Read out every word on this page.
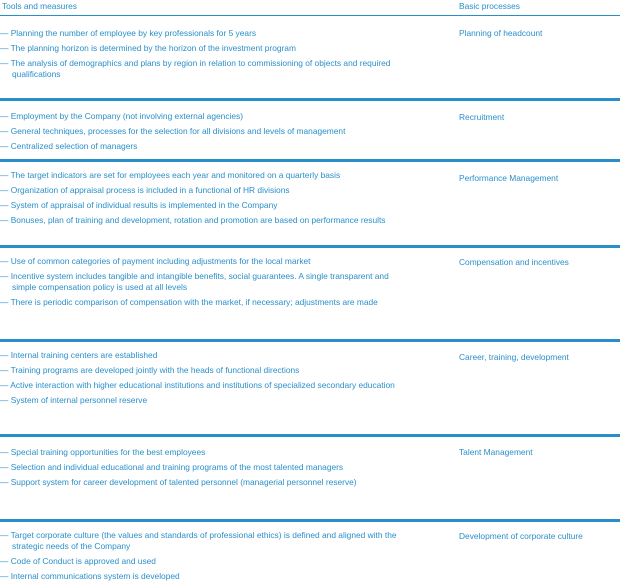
Tools and measures	Basic processes
— Planning the number of employee by key professionals for 5 years
— The planning horizon is determined by the horizon of the investment program
— The analysis of demographics and plans by region in relation to commissioning of objects and required qualifications
Planning of headcount
— Employment by the Company (not involving external agencies)
— General techniques, processes for the selection for all divisions and levels of management
— Centralized selection of managers
Recruitment
— The target indicators are set for employees each year and monitored on a quarterly basis
— Organization of appraisal process is included in a functional of HR divisions
— System of appraisal of individual results is implemented in the Company
— Bonuses, plan of training and development, rotation and promotion are based on performance results
Performance Management
— Use of common categories of payment including adjustments for the local market
— Incentive system includes tangible and intangible benefits, social guarantees. A single transparent and simple compensation policy is used at all levels
— There is periodic comparison of compensation with the market, if necessary; adjustments are made
Compensation and incentives
— Internal training centers are established
— Training programs are developed jointly with the heads of functional directions
— Active interaction with higher educational institutions and institutions of specialized secondary education
— System of internal personnel reserve
Career, training, development
— Special training opportunities for the best employees
— Selection and individual educational and training programs of the most talented managers
— Support system for career development of talented personnel (managerial personnel reserve)
Talent Management
— Target corporate culture (the values and standards of professional ethics) is defined and aligned with the strategic needs of the Company
— Code of Conduct is approved and used
— Internal communications system is developed
Development of corporate culture
